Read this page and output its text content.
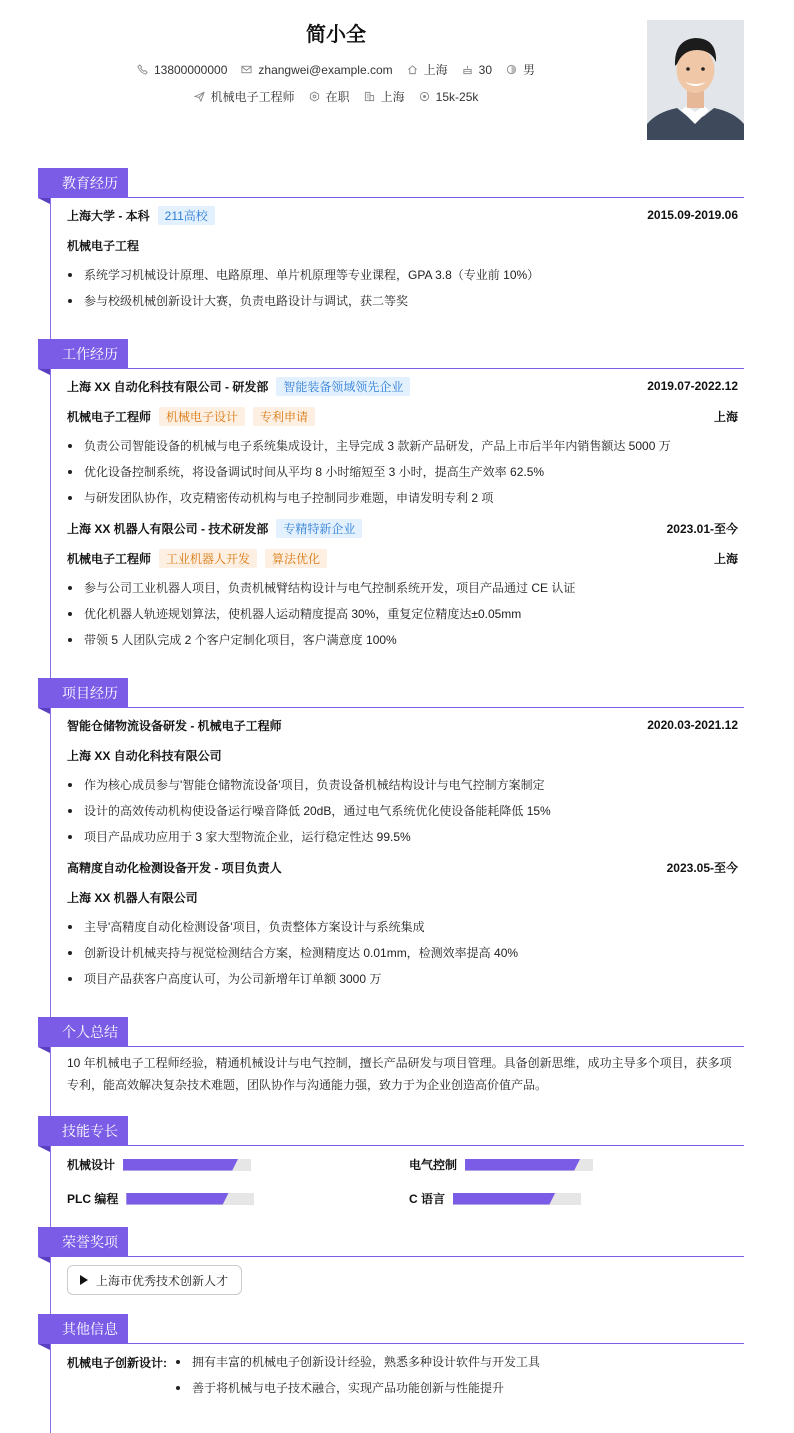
简小全
13800000000	zhangwei@example.com	上海	30	男
机械电子工程师	在职	上海	15k-25k
教育经历
上海大学 - 本科	211高校	2015.09-2019.06
机械电子工程
系统学习机械设计原理、电路原理、单片机原理等专业课程，GPA 3.8（专业前 10%）
参与校级机械创新设计大赛，负责电路设计与调试，获二等奖
工作经历
上海 XX 自动化科技有限公司 - 研发部	智能装备领域领先企业	2019.07-2022.12
机械电子工程师	机械电子设计	专利申请	上海
负责公司智能设备的机械与电子系统集成设计，主导完成 3 款新产品研发，产品上市后半年内销售额达 5000 万
优化设备控制系统，将设备调试时间从平均 8 小时缩短至 3 小时，提高生产效率 62.5%
与研发团队协作，攻克精密传动机构与电子控制同步难题，申请发明专利 2 项
上海 XX 机器人有限公司 - 技术研发部	专精特新企业	2023.01-至今
机械电子工程师	工业机器人开发	算法优化	上海
参与公司工业机器人项目，负责机械臂结构设计与电气控制系统开发，项目产品通过 CE 认证
优化机器人轨迹规划算法，使机器人运动精度提高 30%，重复定位精度达±0.05mm
带领 5 人团队完成 2 个客户定制化项目，客户满意度 100%
项目经历
智能仓储物流设备研发 - 机械电子工程师	2020.03-2021.12
上海 XX 自动化科技有限公司
作为核心成员参与'智能仓储物流设备'项目，负责设备机械结构设计与电气控制方案制定
设计的高效传动机构使设备运行噪音降低 20dB，通过电气系统优化使设备能耗降低 15%
项目产品成功应用于 3 家大型物流企业，运行稳定性达 99.5%
高精度自动化检测设备开发 - 项目负责人	2023.05-至今
上海 XX 机器人有限公司
主导'高精度自动化检测设备'项目，负责整体方案设计与系统集成
创新设计机械夹持与视觉检测结合方案，检测精度达 0.01mm，检测效率提高 40%
项目产品获客户高度认可，为公司新增年订单额 3000 万
个人总结
10 年机械电子工程师经验，精通机械设计与电气控制，擅长产品研发与项目管理。具备创新思维，成功主导多个项目，获多项专利，能高效解决复杂技术难题，团队协作与沟通能力强，致力于为企业创造高价值产品。
技能专长
机械设计	电气控制
PLC 编程	C 语言
荣誉奖项
上海市优秀技术创新人才
其他信息
机械电子创新设计:	拥有丰富的机械电子创新设计经验，熟悉多种设计软件与开发工具
善于将机械与电子技术融合，实现产品功能创新与性能提升
